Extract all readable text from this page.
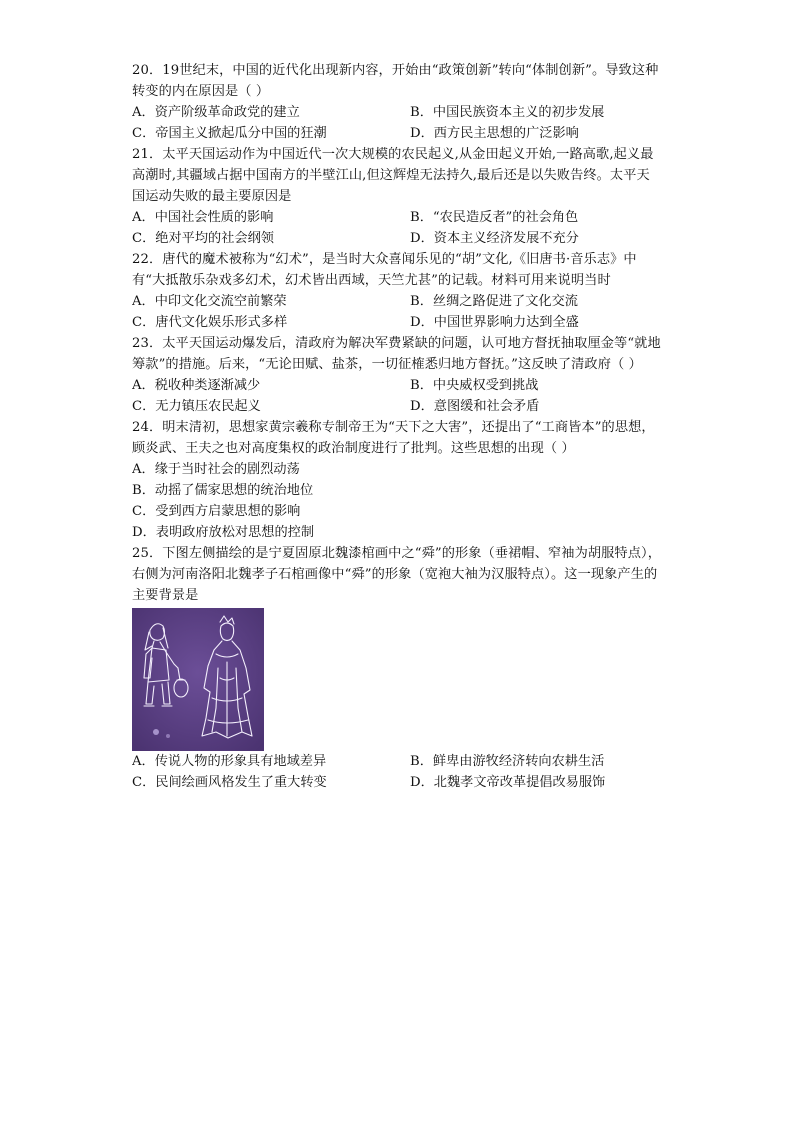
20．19世纪末，中国的近代化出现新内容，开始由“政策创新”转向“体制创新”。导致这种转变的内在原因是（ ）

A．资产阶级革命政党的建立	B．中国民族资本主义的初步发展
C．帝国主义掀起瓜分中国的狂潮	D．西方民主思想的广泛影响

21．太平天国运动作为中国近代一次大规模的农民起义,从金田起义开始,一路高歌,起义最高潮时,其疆域占据中国南方的半壁江山,但这辉煌无法持久,最后还是以失败告终。太平天国运动失败的最主要原因是

A．中国社会性质的影响	B．“农民造反者”的社会角色
C．绝对平均的社会纲领	D．资本主义经济发展不充分

22．唐代的魔术被称为“幻术”，是当时大众喜闻乐见的“胡”文化,《旧唐书·音乐志》中有“大抵散乐杂戏多幻术，幻术皆出西域，天竺尤甚”的记载。材料可用来说明当时

A．中印文化交流空前繁荣	B．丝绸之路促进了文化交流
C．唐代文化娱乐形式多样	D．中国世界影响力达到全盛

23．太平天国运动爆发后，清政府为解决军费紧缺的问题，认可地方督抚抽取厘金等“就地筹款”的措施。后来，“无论田赋、盐茶，一切征榷悉归地方督抚。”这反映了清政府（ ）

A．税收种类逐渐减少	B．中央威权受到挑战
C．无力镇压农民起义	D．意图缓和社会矛盾

24．明末清初，思想家黄宗羲称专制帝王为“天下之大害”，还提出了“工商皆本”的思想，顾炎武、王夫之也对高度集权的政治制度进行了批判。这些思想的出现（ ）

A．缘于当时社会的剧烈动荡
B．动摇了儒家思想的统治地位
C．受到西方启蒙思想的影响
D．表明政府放松对思想的控制

25．下图左侧描绘的是宁夏固原北魏漆棺画中之“舜”的形象（垂裙帽、窄袖为胡服特点），右侧为河南洛阳北魏孝子石棺画像中“舜”的形象（宽袍大袖为汉服特点）。这一现象产生的主要背景是

A．传说人物的形象具有地域差异	B．鲜卑由游牧经济转向农耕生活
C．民间绘画风格发生了重大转变	D．北魏孝文帝改革提倡改易服饰
